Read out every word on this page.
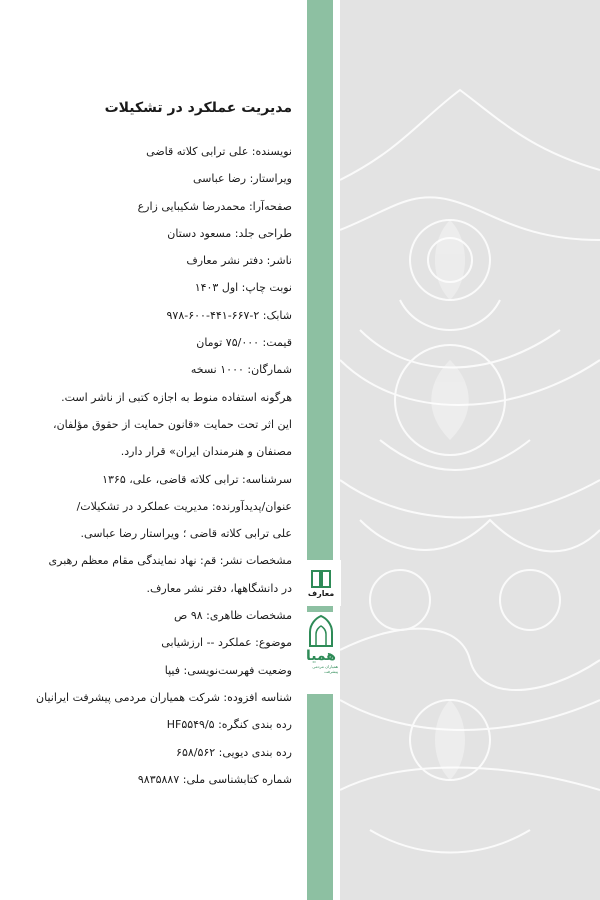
معارف
همیا
همیاران مردمی پیشرفت
مدیریت عملکرد در تشکیلات
نویسنده: علی ترابی کلاته قاضی
ویراستار: رضا عباسی
صفحه‌آرا: محمدرضا شکیبایی زارع
طراحی جلد: مسعود دستان
ناشر: دفتر نشر معارف
نوبت چاپ: اول ۱۴۰۳
شابک: ۲-۶۶۷-۴۴۱-۶۰۰-۹۷۸
قیمت: ۷۵/۰۰۰ تومان
شمارگان: ۱۰۰۰ نسخه
هرگونه استفاده منوط به اجازه کتبی از ناشر است.
این اثر تحت حمایت «قانون حمایت از حقوق مؤلفان،
مصنفان و هنرمندان ایران» قرار دارد.
سرشناسه: ترابی کلاته قاضی، علی، ۱۳۶۵
عنوان/پدیدآورنده: مدیریت عملکرد در تشکیلات/
علی ترابی کلاته قاضی ؛ ویراستار رضا عباسی.
مشخصات نشر: قم: نهاد نمایندگی مقام معظم رهبری
در دانشگاهها، دفتر نشر معارف.
مشخصات ظاهری: ۹۸ ص
موضوع: عملکرد -- ارزشیابی
وضعیت فهرست‌نویسی: فیپا
شناسه افزوده: شرکت همیاران مردمی پیشرفت ایرانیان
رده بندی کنگره: HF۵۵۴۹/۵
رده بندی دیویی: ۶۵۸/۵۶۲
شماره کتابشناسی ملی: ۹۸۳۵۸۸۷
